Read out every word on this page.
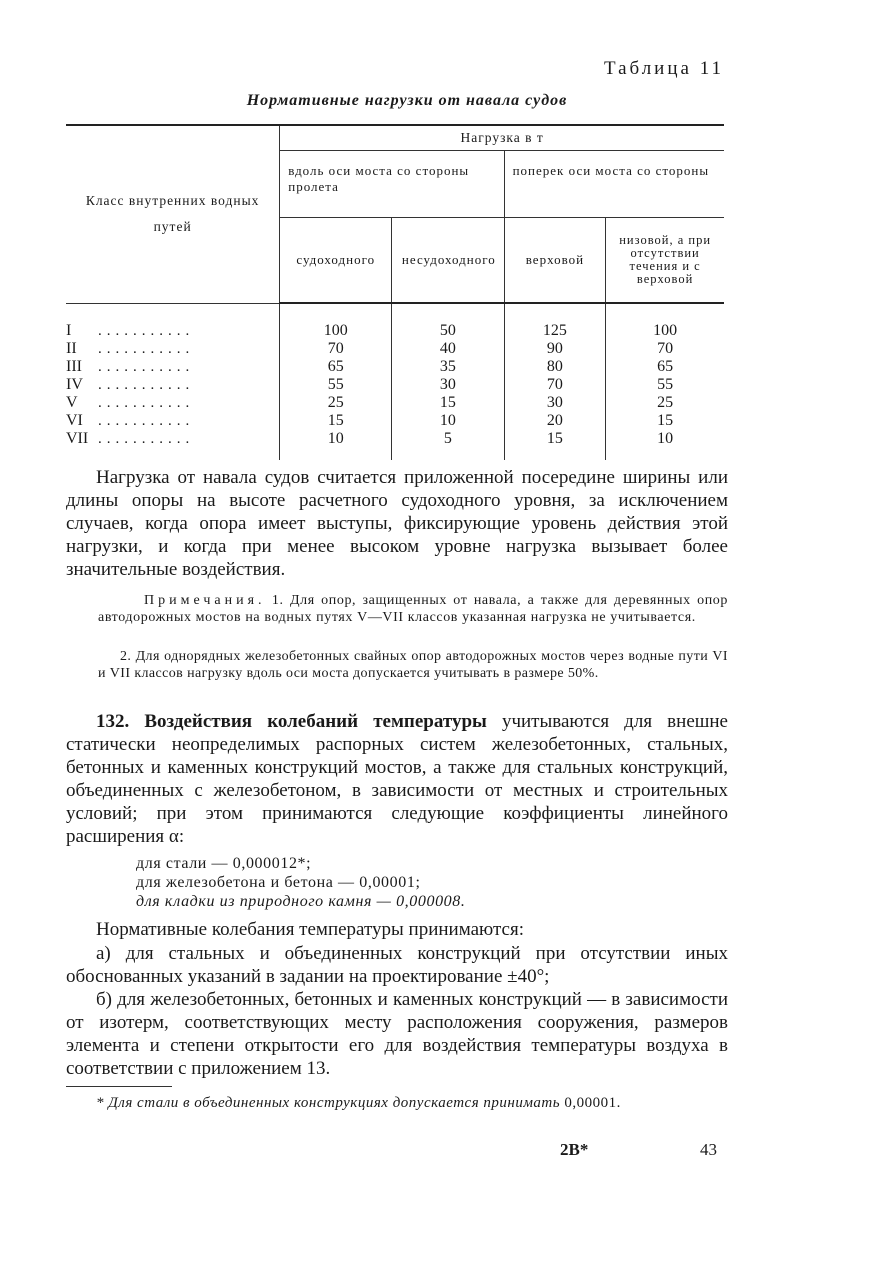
Таблица 11
Нормативные нагрузки от навала судов
Класс внутренних водных путей	Нагрузка в т			
	вдоль оси моста со стороны пролета		поперек оси моста со стороны	
	судоходного	несудоходного	верховой	низовой, а при отсутствии течения и с верховой
I ...........	100	50	125	100
II ...........	70	40	90	70
III ...........	65	35	80	65
IV ...........	55	30	70	55
V ...........	25	15	30	25
VI ...........	15	10	20	15
VII ...........	10	5	15	10

Нагрузка от навала судов считается приложенной посередине ширины или длины опоры на высоте расчетного судоходного уровня, за исключением случаев, когда опора имеет выступы, фиксирующие уровень действия этой нагрузки, и когда при менее высоком уровне нагрузка вызывает более значительные воздействия.

Примечания. 1. Для опор, защищенных от навала, а также для деревянных опор автодорожных мостов на водных путях V—VII классов указанная нагрузка не учитывается.

2. Для однорядных железобетонных свайных опор автодорожных мостов через водные пути VI и VII классов нагрузку вдоль оси моста допускается учитывать в размере 50%.

132. Воздействия колебаний температуры учитываются для внешне статически неопределимых распорных систем железобетонных, стальных, бетонных и каменных конструкций мостов, а также для стальных конструкций, объединенных с железобетоном, в зависимости от местных и строительных условий; при этом принимаются следующие коэффициенты линейного расширения α:

для стали — 0,000012*;
для железобетона и бетона — 0,00001;
для кладки из природного камня — 0,000008.

Нормативные колебания температуры принимаются:

а) для стальных и объединенных конструкций при отсутствии иных обоснованных указаний в задании на проектирование ±40°;

б) для железобетонных, бетонных и каменных конструкций — в зависимости от изотерм, соответствующих месту расположения сооружения, размеров элемента и степени открытости его для воздействия температуры воздуха в соответствии с приложением 13.

* Для стали в объединенных конструкциях допускается принимать 0,00001.

2В*	43
